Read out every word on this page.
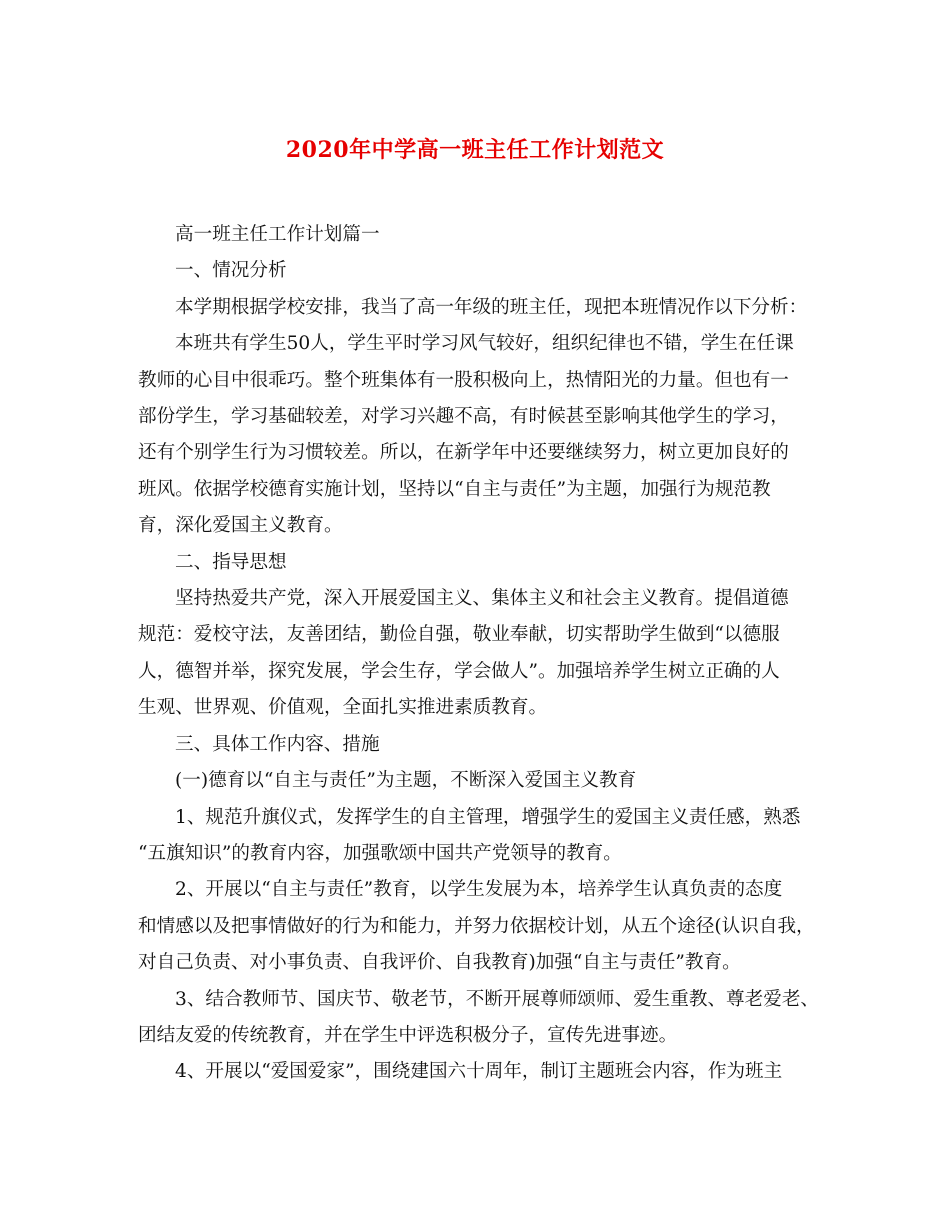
2020年中学高一班主任工作计划范文
高一班主任工作计划篇一
一、情况分析
本学期根据学校安排，我当了高一年级的班主任，现把本班情况作以下分析：
本班共有学生50人，学生平时学习风气较好，组织纪律也不错，学生在任课
教师的心目中很乖巧。整个班集体有一股积极向上，热情阳光的力量。但也有一
部份学生，学习基础较差，对学习兴趣不高，有时候甚至影响其他学生的学习，
还有个别学生行为习惯较差。所以，在新学年中还要继续努力，树立更加良好的
班风。依据学校德育实施计划，坚持以“自主与责任”为主题，加强行为规范教
育，深化爱国主义教育。
二、指导思想
坚持热爱共产党，深入开展爱国主义、集体主义和社会主义教育。提倡道德
规范：爱校守法，友善团结，勤俭自强，敬业奉献，切实帮助学生做到“以德服
人，德智并举，探究发展，学会生存，学会做人”。加强培养学生树立正确的人
生观、世界观、价值观，全面扎实推进素质教育。
三、具体工作内容、措施
(一)德育以“自主与责任”为主题，不断深入爱国主义教育
1、规范升旗仪式，发挥学生的自主管理，增强学生的爱国主义责任感，熟悉
“五旗知识”的教育内容，加强歌颂中国共产党领导的教育。
2、开展以“自主与责任”教育，以学生发展为本，培养学生认真负责的态度
和情感以及把事情做好的行为和能力，并努力依据校计划，从五个途径(认识自我，
对自己负责、对小事负责、自我评价、自我教育)加强“自主与责任”教育。
3、结合教师节、国庆节、敬老节，不断开展尊师颂师、爱生重教、尊老爱老、
团结友爱的传统教育，并在学生中评选积极分子，宣传先进事迹。
4、开展以“爱国爱家”，围绕建国六十周年，制订主题班会内容，作为班主
